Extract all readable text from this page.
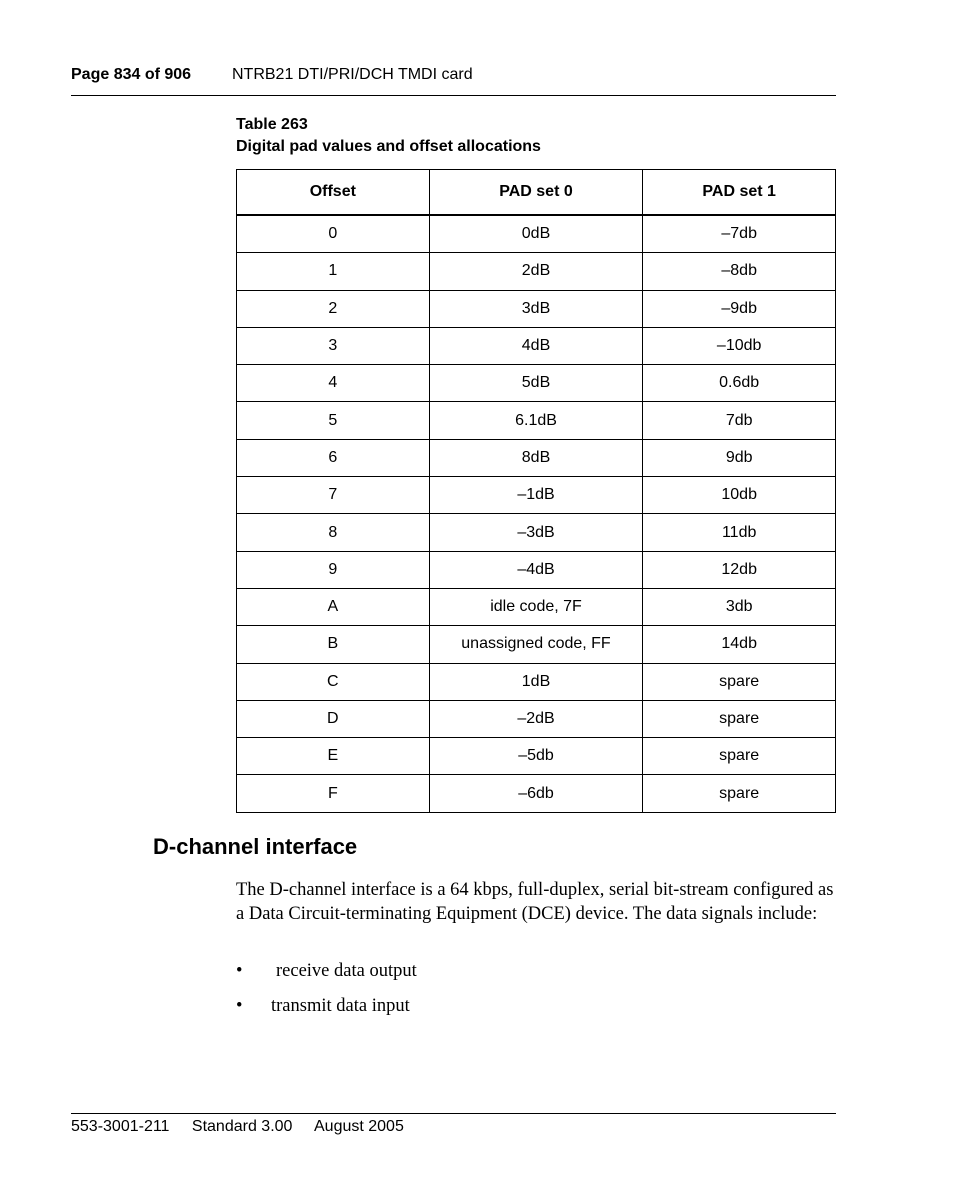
Page 834 of 906	NTRB21 DTI/PRI/DCH TMDI card
Table 263
Digital pad values and offset allocations
Offset	PAD set 0	PAD set 1
0	0dB	–7db
1	2dB	–8db
2	3dB	–9db
3	4dB	–10db
4	5dB	0.6db
5	6.1dB	7db
6	8dB	9db
7	–1dB	10db
8	–3dB	11db
9	–4dB	12db
A	idle code, 7F	3db
B	unassigned code, FF	14db
C	1dB	spare
D	–2dB	spare
E	–5db	spare
F	–6db	spare
D-channel interface
The D-channel interface is a 64 kbps, full-duplex, serial bit-stream configured as a Data Circuit-terminating Equipment (DCE) device. The data signals include:
• receive data output
• transmit data input
553-3001-211 Standard 3.00 August 2005
